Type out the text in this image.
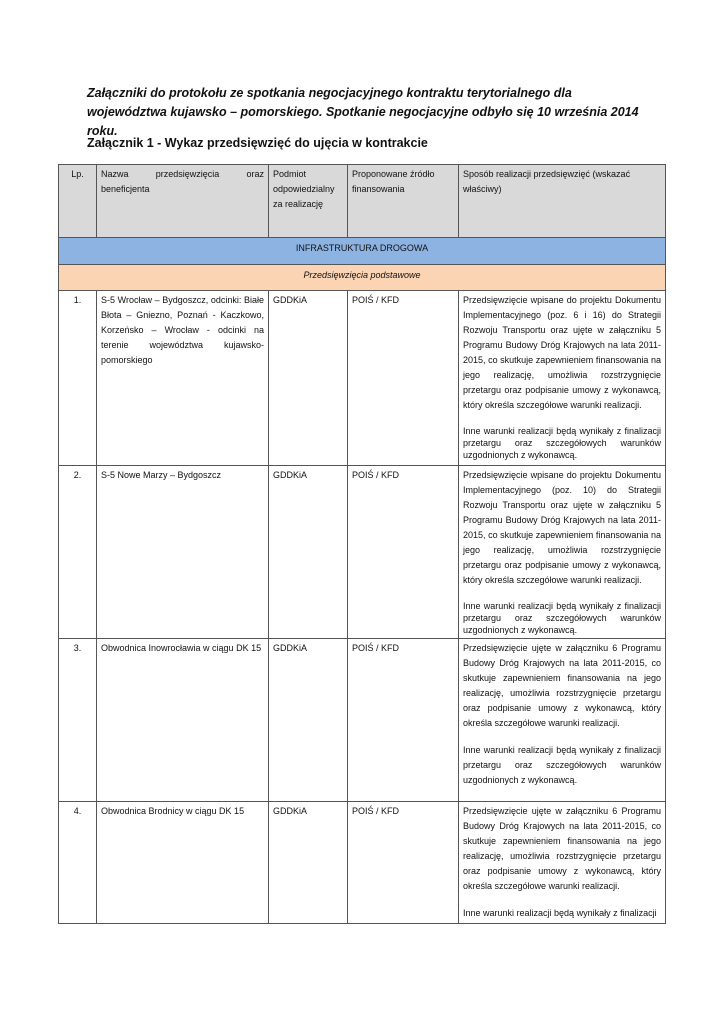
Załączniki do protokołu ze spotkania negocjacyjnego kontraktu terytorialnego dla województwa kujawsko – pomorskiego. Spotkanie negocjacyjne odbyło się 10 września 2014 roku.
Załącznik 1 - Wykaz przedsięwzięć do ujęcia w kontrakcie
Lp.	Nazwa przedsięwzięcia oraz beneficjenta	Podmiot odpowiedzialny za realizację	Proponowane źródło finansowania	Sposób realizacji przedsięwzięć (wskazać właściwy)
INFRASTRUKTURA DROGOWA				
Przedsięwzięcia podstawowe				
1.	S-5 Wrocław – Bydgoszcz, odcinki: Białe Błota – Gniezno, Poznań - Kaczkowo, Korzeńsko – Wrocław - odcinki na terenie województwa kujawsko-pomorskiego	GDDKiA	POIŚ / KFD	Przedsięwzięcie wpisane do projektu Dokumentu Implementacyjnego (poz. 6 i 16) do Strategii Rozwoju Transportu oraz ujęte w załączniku 5 Programu Budowy Dróg Krajowych na lata 2011-2015, co skutkuje zapewnieniem finansowania na jego realizację, umożliwia rozstrzygnięcie przetargu oraz podpisanie umowy z wykonawcą, który określa szczegółowe warunki realizacji.
Inne warunki realizacji będą wynikały z finalizacji przetargu oraz szczegółowych warunków uzgodnionych z wykonawcą.

2.	S-5 Nowe Marzy – Bydgoszcz	GDDKiA	POIŚ / KFD	Przedsięwzięcie wpisane do projektu Dokumentu Implementacyjnego (poz. 10) do Strategii Rozwoju Transportu oraz ujęte w załączniku 5 Programu Budowy Dróg Krajowych na lata 2011-2015, co skutkuje zapewnieniem finansowania na jego realizację, umożliwia rozstrzygnięcie przetargu oraz podpisanie umowy z wykonawcą, który określa szczegółowe warunki realizacji.
Inne warunki realizacji będą wynikały z finalizacji przetargu oraz szczegółowych warunków uzgodnionych z wykonawcą.

3.	Obwodnica Inowrocławia w ciągu DK 15	GDDKiA	POIŚ / KFD	Przedsięwzięcie ujęte w załączniku 6 Programu Budowy Dróg Krajowych na lata 2011-2015, co skutkuje zapewnieniem finansowania na jego realizację, umożliwia rozstrzygnięcie przetargu oraz podpisanie umowy z wykonawcą, który określa szczegółowe warunki realizacji.
Inne warunki realizacji będą wynikały z finalizacji przetargu oraz szczegółowych warunków uzgodnionych z wykonawcą.

4.	Obwodnica Brodnicy w ciągu DK 15	GDDKiA	POIŚ / KFD	Przedsięwzięcie ujęte w załączniku 6 Programu Budowy Dróg Krajowych na lata 2011-2015, co skutkuje zapewnieniem finansowania na jego realizację, umożliwia rozstrzygnięcie przetargu oraz podpisanie umowy z wykonawcą, który określa szczegółowe warunki realizacji.
Inne warunki realizacji będą wynikały z finalizacji
